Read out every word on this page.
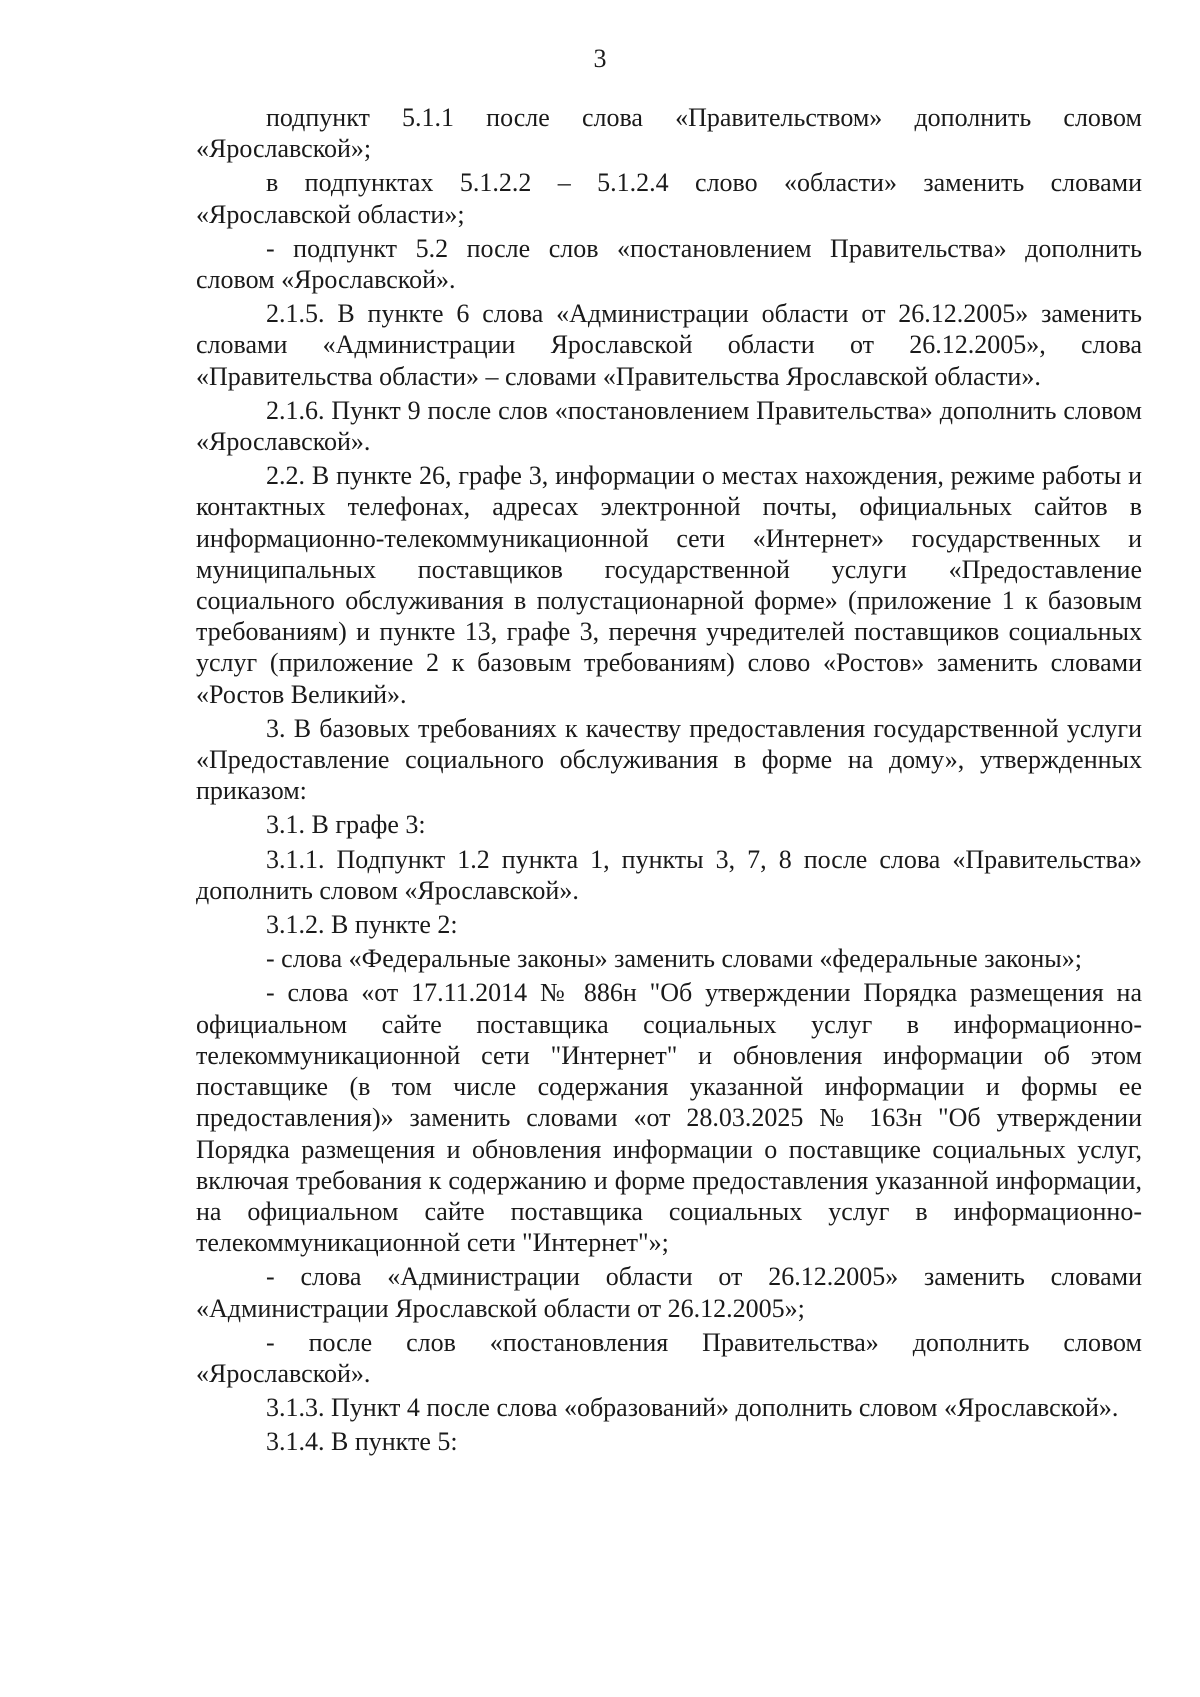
3

подпункт 5.1.1 после слова «Правительством» дополнить словом «Ярославской»;

в подпунктах 5.1.2.2 – 5.1.2.4 слово «области» заменить словами «Ярославской области»;

- подпункт 5.2 после слов «постановлением Правительства» дополнить словом «Ярославской».

2.1.5. В пункте 6 слова «Администрации области от 26.12.2005» заменить словами «Администрации Ярославской области от 26.12.2005», слова «Правительства области» – словами «Правительства Ярославской области».

2.1.6. Пункт 9 после слов «постановлением Правительства» дополнить словом «Ярославской».

2.2. В пункте 26, графе 3, информации о местах нахождения, режиме работы и контактных телефонах, адресах электронной почты, официальных сайтов в информационно-телекоммуникационной сети «Интернет» государственных и муниципальных поставщиков государственной услуги «Предоставление социального обслуживания в полустационарной форме» (приложение 1 к базовым требованиям) и пункте 13, графе 3, перечня учредителей поставщиков социальных услуг (приложение 2 к базовым требованиям) слово «Ростов» заменить словами «Ростов Великий».

3. В базовых требованиях к качеству предоставления государственной услуги «Предоставление социального обслуживания в форме на дому», утвержденных приказом:

3.1. В графе 3:

3.1.1. Подпункт 1.2 пункта 1, пункты 3, 7, 8 после слова «Правительства» дополнить словом «Ярославской».

3.1.2. В пункте 2:

- слова «Федеральные законы» заменить словами «федеральные законы»;

- слова «от 17.11.2014 № 886н "Об утверждении Порядка размещения на официальном сайте поставщика социальных услуг в информационно-телекоммуникационной сети "Интернет" и обновления информации об этом поставщике (в том числе содержания указанной информации и формы ее предоставления)» заменить словами «от 28.03.2025 № 163н "Об утверждении Порядка размещения и обновления информации о поставщике социальных услуг, включая требования к содержанию и форме предоставления указанной информации, на официальном сайте поставщика социальных услуг в информационно-телекоммуникационной сети "Интернет"»;

- слова «Администрации области от 26.12.2005» заменить словами «Администрации Ярославской области от 26.12.2005»;

- после слов «постановления Правительства» дополнить словом «Ярославской».

3.1.3. Пункт 4 после слова «образований» дополнить словом «Ярославской».

3.1.4. В пункте 5:
